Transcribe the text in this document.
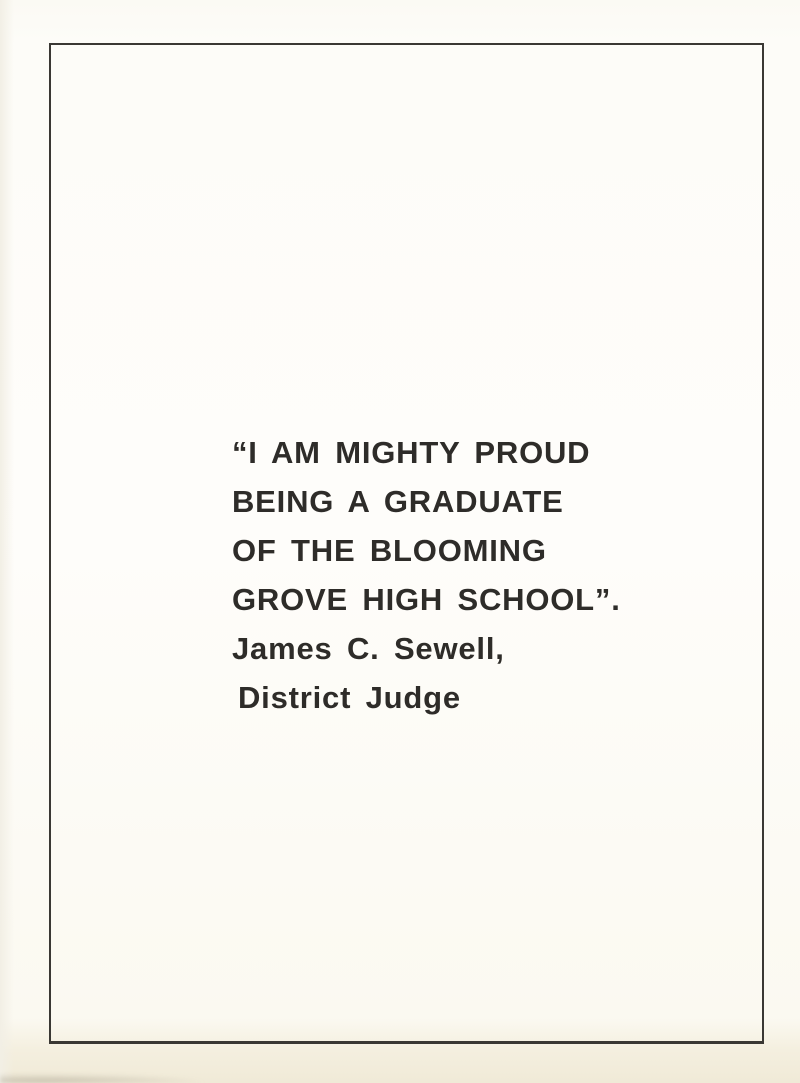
“I AM MIGHTY PROUD
BEING A GRADUATE
OF THE BLOOMING
GROVE HIGH SCHOOL”.
James C. Sewell,
District Judge
